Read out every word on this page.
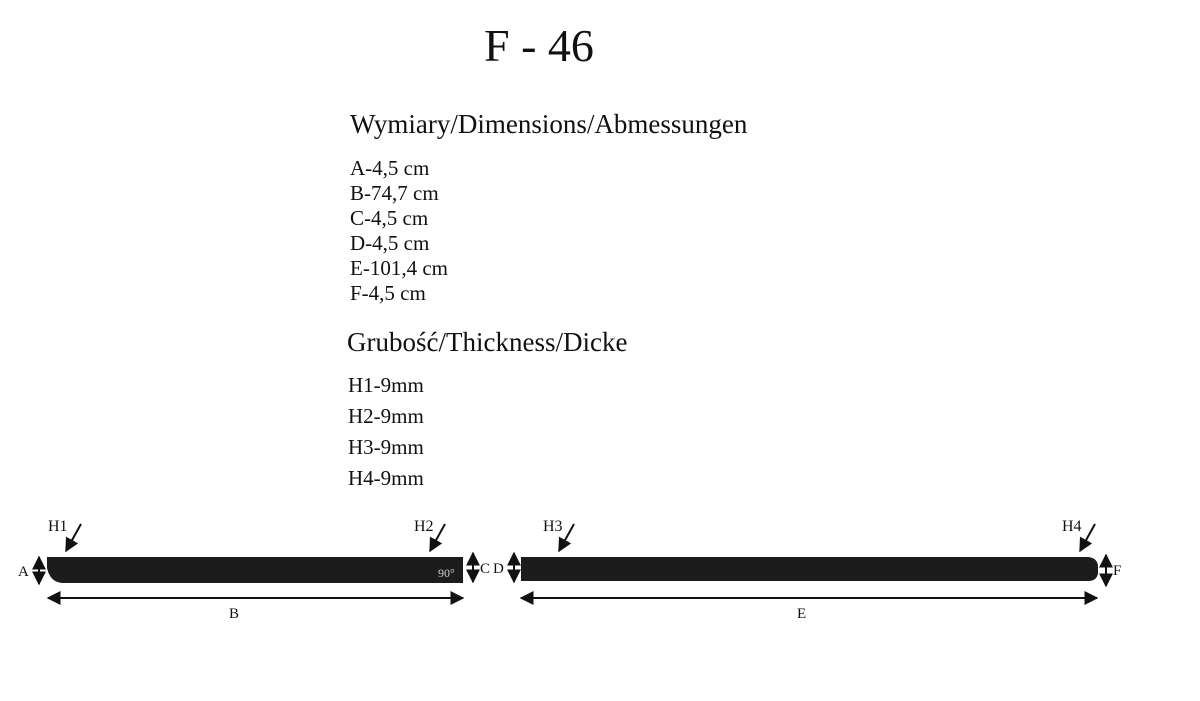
F - 46
Wymiary/Dimensions/Abmessungen
A-4,5 cm
B-74,7 cm
C-4,5 cm
D-4,5 cm
E-101,4 cm
F-4,5 cm
Grubość/Thickness/Dicke
H1-9mm
H2-9mm
H3-9mm
H4-9mm
90°
H1	H2
A	C
B
D
H3	H4
F
E
